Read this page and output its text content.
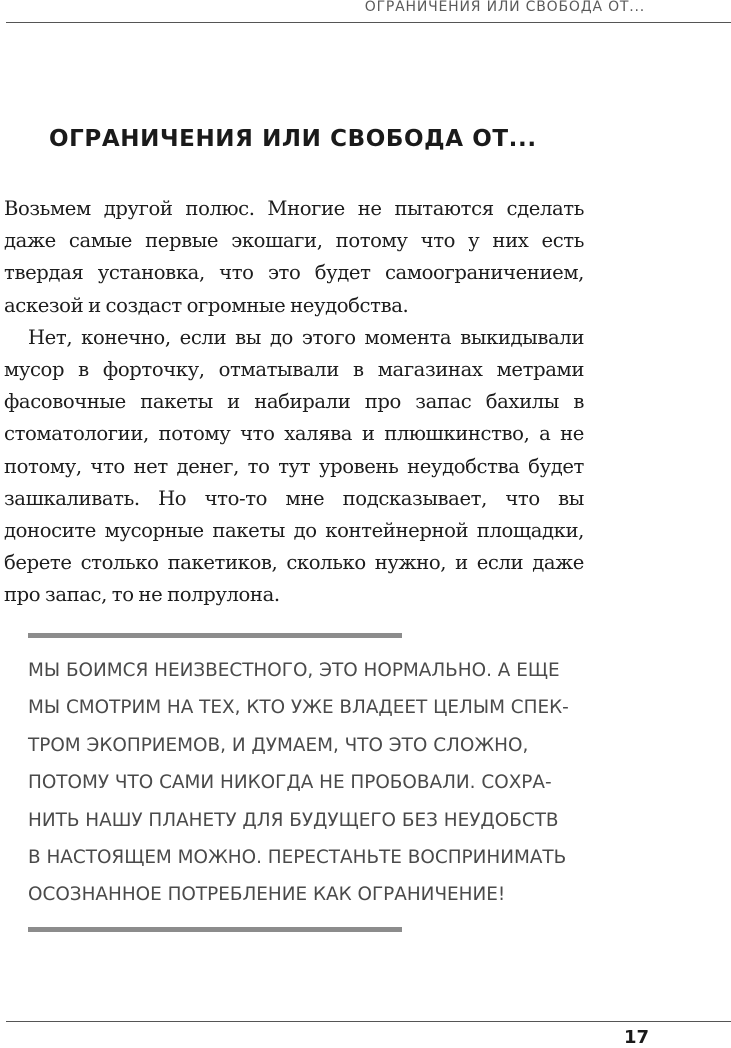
ОГРАНИЧЕНИЯ ИЛИ СВОБОДА ОТ...
ОГРАНИЧЕНИЯ ИЛИ СВОБОДА ОТ...

Возьмем другой полюс. Многие не пытаются сделать даже самые первые экошаги, потому что у них есть твердая установка, что это будет самоограничением, аскезой и создаст огромные неудобства.

Нет, конечно, если вы до этого момента выкидывали мусор в форточку, отматывали в магазинах метрами фасовочные пакеты и набирали про запас бахилы в стоматологии, потому что халява и плюшкинство, а не потому, что нет денег, то тут уровень неудобства будет зашкаливать. Но что-то мне подсказывает, что вы доносите мусорные пакеты до контейнерной площадки, берете столько пакетиков, сколько нужно, и если даже про запас, то не полрулона.

МЫ БОИМСЯ НЕИЗВЕСТНОГО, ЭТО НОРМАЛЬНО. А ЕЩЕ
МЫ СМОТРИМ НА ТЕХ, КТО УЖЕ ВЛАДЕЕТ ЦЕЛЫМ СПЕК-
ТРОМ ЭКОПРИЕМОВ, И ДУМАЕМ, ЧТО ЭТО СЛОЖНО,
ПОТОМУ ЧТО САМИ НИКОГДА НЕ ПРОБОВАЛИ. СОХРА-
НИТЬ НАШУ ПЛАНЕТУ ДЛЯ БУДУЩЕГО БЕЗ НЕУДОБСТВ
В НАСТОЯЩЕМ МОЖНО. ПЕРЕСТАНЬТЕ ВОСПРИНИМАТЬ
ОСОЗНАННОЕ ПОТРЕБЛЕНИЕ КАК ОГРАНИЧЕНИЕ!
17
